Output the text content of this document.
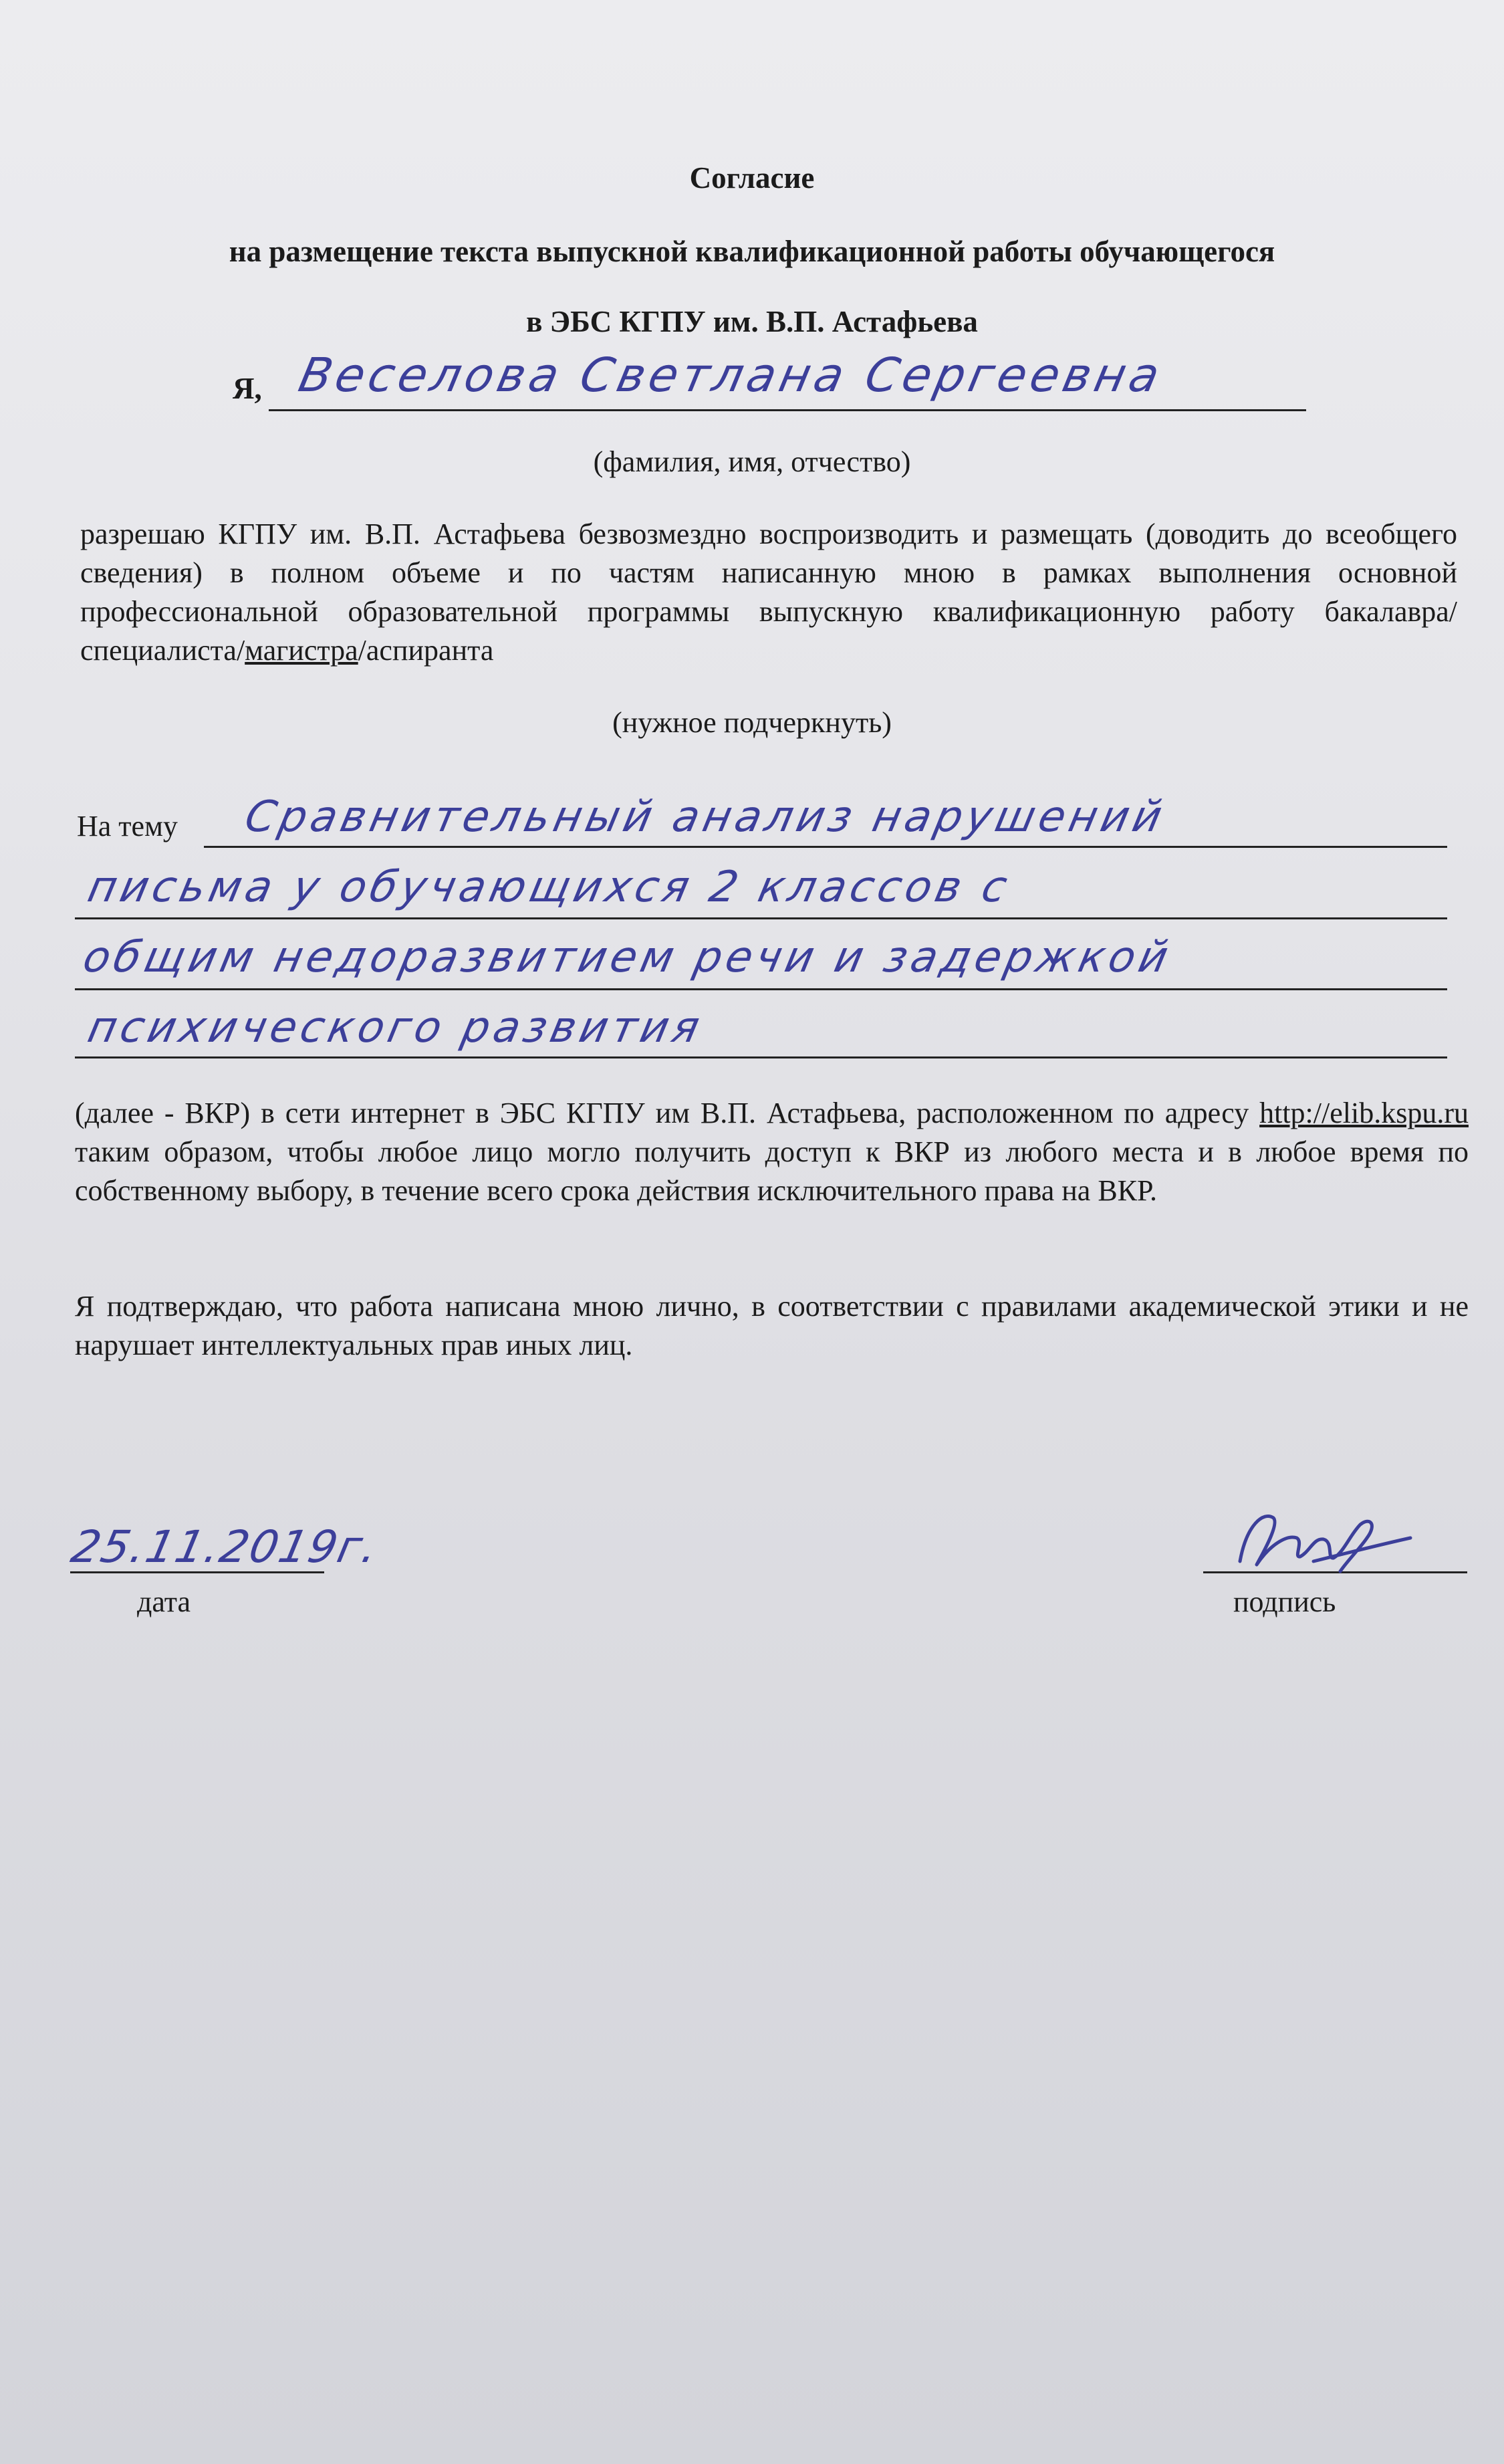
Согласие
на размещение текста выпускной квалификационной работы обучающегося
в ЭБС КГПУ им. В.П. Астафьева
Я, Веселова Светлана Сергеевна
(фамилия, имя, отчество)
разрешаю КГПУ им. В.П. Астафьева безвозмездно воспроизводить и размещать (доводить до всеобщего сведения) в полном объеме и по частям написанную мною в рамках выполнения основной профессиональной образовательной программы выпускную квалификационную работу бакалавра/специалиста/магистра/аспиранта
(нужное подчеркнуть)
На тему Сравнительный анализ нарушений
письма у обучающихся 2 классов с
общим недоразвитием речи и задержкой
психического развития
(далее - ВКР) в сети интернет в ЭБС КГПУ им В.П. Астафьева, расположенном по адресу http://elib.kspu.ru таким образом, чтобы любое лицо могло получить доступ к ВКР из любого места и в любое время по собственному выбору, в течение всего срока действия исключительного права на ВКР.
Я подтверждаю, что работа написана мною лично, в соответствии с правилами академической этики и не нарушает интеллектуальных прав иных лиц.
25.11.2019г.
дата	подпись
